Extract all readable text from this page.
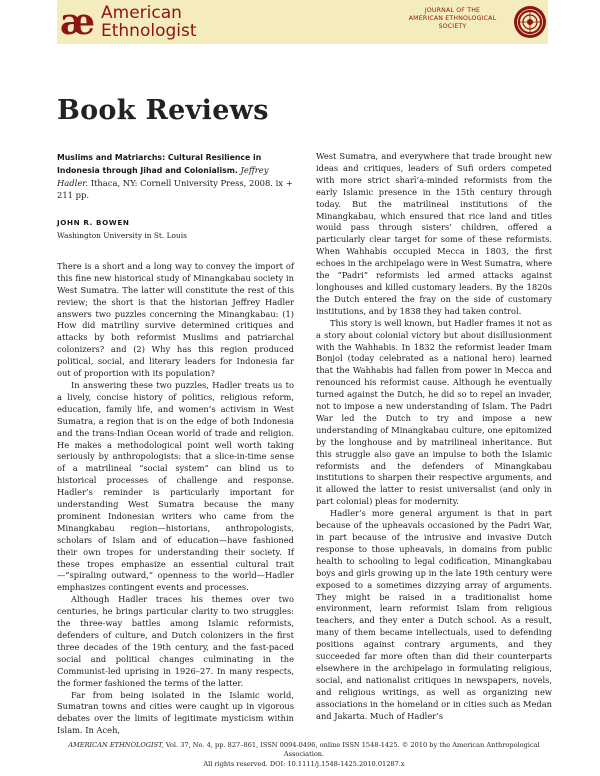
æ American
Ethnologist
JOURNAL OF THE
AMERICAN ETHNOLOGICAL
SOCIETY
Book Reviews
Muslims and Matriarchs: Cultural Resilience in Indonesia through Jihad and Colonialism. Jeffrey Hadler. Ithaca, NY: Cornell University Press, 2008. ix + 211 pp.
JOHN R. BOWEN
Washington University in St. Louis

There is a short and a long way to convey the import of this fine new historical study of Minangkabau society in West Sumatra. The latter will constitute the rest of this review; the short is that the historian Jeffrey Hadler answers two puzzles concerning the Minangkabau: (1) How did matriliny survive determined critiques and attacks by both reformist Muslims and patriarchal colonizers? and (2) Why has this region produced political, social, and literary leaders for Indonesia far out of proportion with its population?

In answering these two puzzles, Hadler treats us to a lively, concise history of politics, religious reform, education, family life, and women’s activism in West Sumatra, a region that is on the edge of both Indonesia and the trans-Indian Ocean world of trade and religion. He makes a methodological point well worth taking seriously by anthropologists: that a slice-in-time sense of a matrilineal “social system” can blind us to historical processes of challenge and response. Hadler’s reminder is particularly important for understanding West Sumatra because the many prominent Indonesian writers who came from the Minangkabau region—historians, anthropologists, scholars of Islam and of education—have fashioned their own tropes for understanding their society. If these tropes emphasize an essential cultural trait—“spiraling outward,” openness to the world—Hadler emphasizes contingent events and processes.

Although Hadler traces his themes over two centuries, he brings particular clarity to two struggles: the three-way battles among Islamic reformists, defenders of culture, and Dutch colonizers in the first three decades of the 19th century, and the fast-paced social and political changes culminating in the Communist-led uprising in 1926–27. In many respects, the former fashioned the terms of the latter.

Far from being isolated in the Islamic world, Sumatran towns and cities were caught up in vigorous debates over the limits of legitimate mysticism within Islam. In Aceh,

West Sumatra, and everywhere that trade brought new ideas and critiques, leaders of Sufi orders competed with more strict sharī‘a-minded reformists from the early Islamic presence in the 15th century through today. But the matrilineal institutions of the Minangkabau, which ensured that rice land and titles would pass through sisters’ children, offered a particularly clear target for some of these reformists. When Wahhabis occupied Mecca in 1803, the first echoes in the archipelago were in West Sumatra, where the “Padri” reformists led armed attacks against longhouses and killed customary leaders. By the 1820s the Dutch entered the fray on the side of customary institutions, and by 1838 they had taken control.

This story is well known, but Hadler frames it not as a story about colonial victory but about disillusionment with the Wahhabis. In 1832 the reformist leader Imam Bonjol (today celebrated as a national hero) learned that the Wahhabis had fallen from power in Mecca and renounced his reformist cause. Although he eventually turned against the Dutch, he did so to repel an invader, not to impose a new understanding of Islam. The Padri War led the Dutch to try and impose a new understanding of Minangkabau culture, one epitomized by the longhouse and by matrilineal inheritance. But this struggle also gave an impulse to both the Islamic reformists and the defenders of Minangkabau institutions to sharpen their respective arguments, and it allowed the latter to resist universalist (and only in part colonial) pleas for modernity.

Hadler’s more general argument is that in part because of the upheavals occasioned by the Padri War, in part because of the intrusive and invasive Dutch response to those upheavals, in domains from public health to schooling to legal codification, Minangkabau boys and girls growing up in the late 19th century were exposed to a sometimes dizzying array of arguments. They might be raised in a traditionalist home environment, learn reformist Islam from religious teachers, and they enter a Dutch school. As a result, many of them became intellectuals, used to defending positions against contrary arguments, and they succeeded far more often than did their counterparts elsewhere in the archipelago in formulating religious, social, and nationalist critiques in newspapers, novels, and religious writings, as well as organizing new associations in the homeland or in cities such as Medan and Jakarta. Much of Hadler’s

AMERICAN ETHNOLOGIST, Vol. 37, No. 4, pp. 827–861, ISSN 0094-0496, online ISSN 1548-1425. © 2010 by the American Anthropological Association.
All rights reserved. DOI: 10.1111/j.1548-1425.2010.01287.x
